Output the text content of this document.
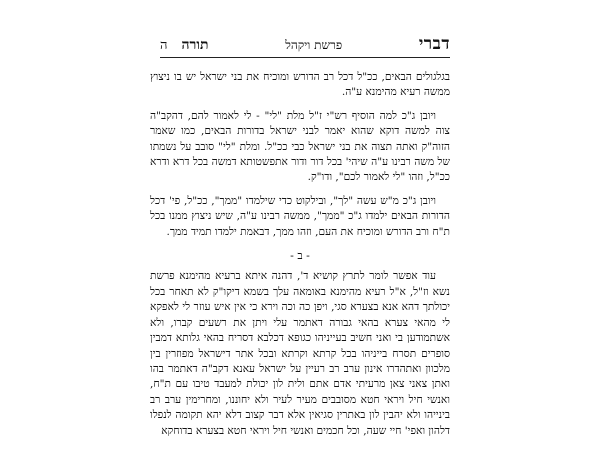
דברי
פרשת ויקהל
תורה
ה

בגלגולים הבאים, ככ"ל דכל רב הדורש ומוכיח את בני ישראל יש בו ניצוץ ממשה רעיא מהימנא ע"ה.

ויובן ג"כ למה הוסיף רש"י ז"ל מלת "לי" - לי לאמור להם, דהקב"ה צוה למשה דוקא שהוא יאמר לבני ישראל בדורות הבאים, כמו שאמר הזוה"ק ואתה תצוה את בני ישראל כבי ככ"ל. ומלת "לי" סובב על נשמתו של משה רבינו ע"ה שיהי' בכל דור ודור אתפשטותא דמשה בכל דרא ודרא ככ"ל, וזהו "לי לאמור לכם", ודו"ק.

ויובן ג"כ מ"ש עשה "לך", ובילקוט כדי שילמדו "ממך", ככ"ל, פי' דכל הדורות הבאים ילמדו ג"כ "ממך", ממשה רבינו ע"ה, שיש ניצוץ ממנו בכל ת"ח ורב הדורש ומוכיח את העם, וזהו ממך, דבאמת ילמדו תמיד ממך.

- ב -

עוד אפשר לומר לתרץ קושיא ד', דהנה איתא ברעיא מהימנא פרשת נשא וז"ל, א"ל רעיא מהימנא באומאה עלך בשמא דיקו"ק לא תאחר בכל יכולתך דהא אנא בצערא סגי, ויפן כה וכה וירא כי אין איש עוזר לי לאפקא לי מהאי צערא בהאי גבורה דאתמר עלי ויתן את רשעים קברו, ולא אשתמודען בי ואני חשיב בעייניהו כגופא דכלבא דסריח בהאי גלותא דמבין סופרים תסרח בייניהו בכל קרתא וקרתא ובכל אתר דישראל מפוזרין בין מלכוון ואתהדרו אינון ערב רב רעיין על ישראל עאנא דקב"ה דאתמר בהו ואתן צאני צאן מרעיתי אדם אתם ולית לון יכולת למעבד טיבו עם ת"ח, ואנשי חיל ויראי חטא מסובבים מעיר לעיר ולא יחוננו, ומחרימין ערב רב בינייהו ולא יהבין לון באתרין סגיאין אלא דבר קצוב דלא יהא תקומה לנפלו דלהון ואפי' חיי שעה, וכל חכמים ואנשי חיל ויראי חטא בצערא בדוחקא
